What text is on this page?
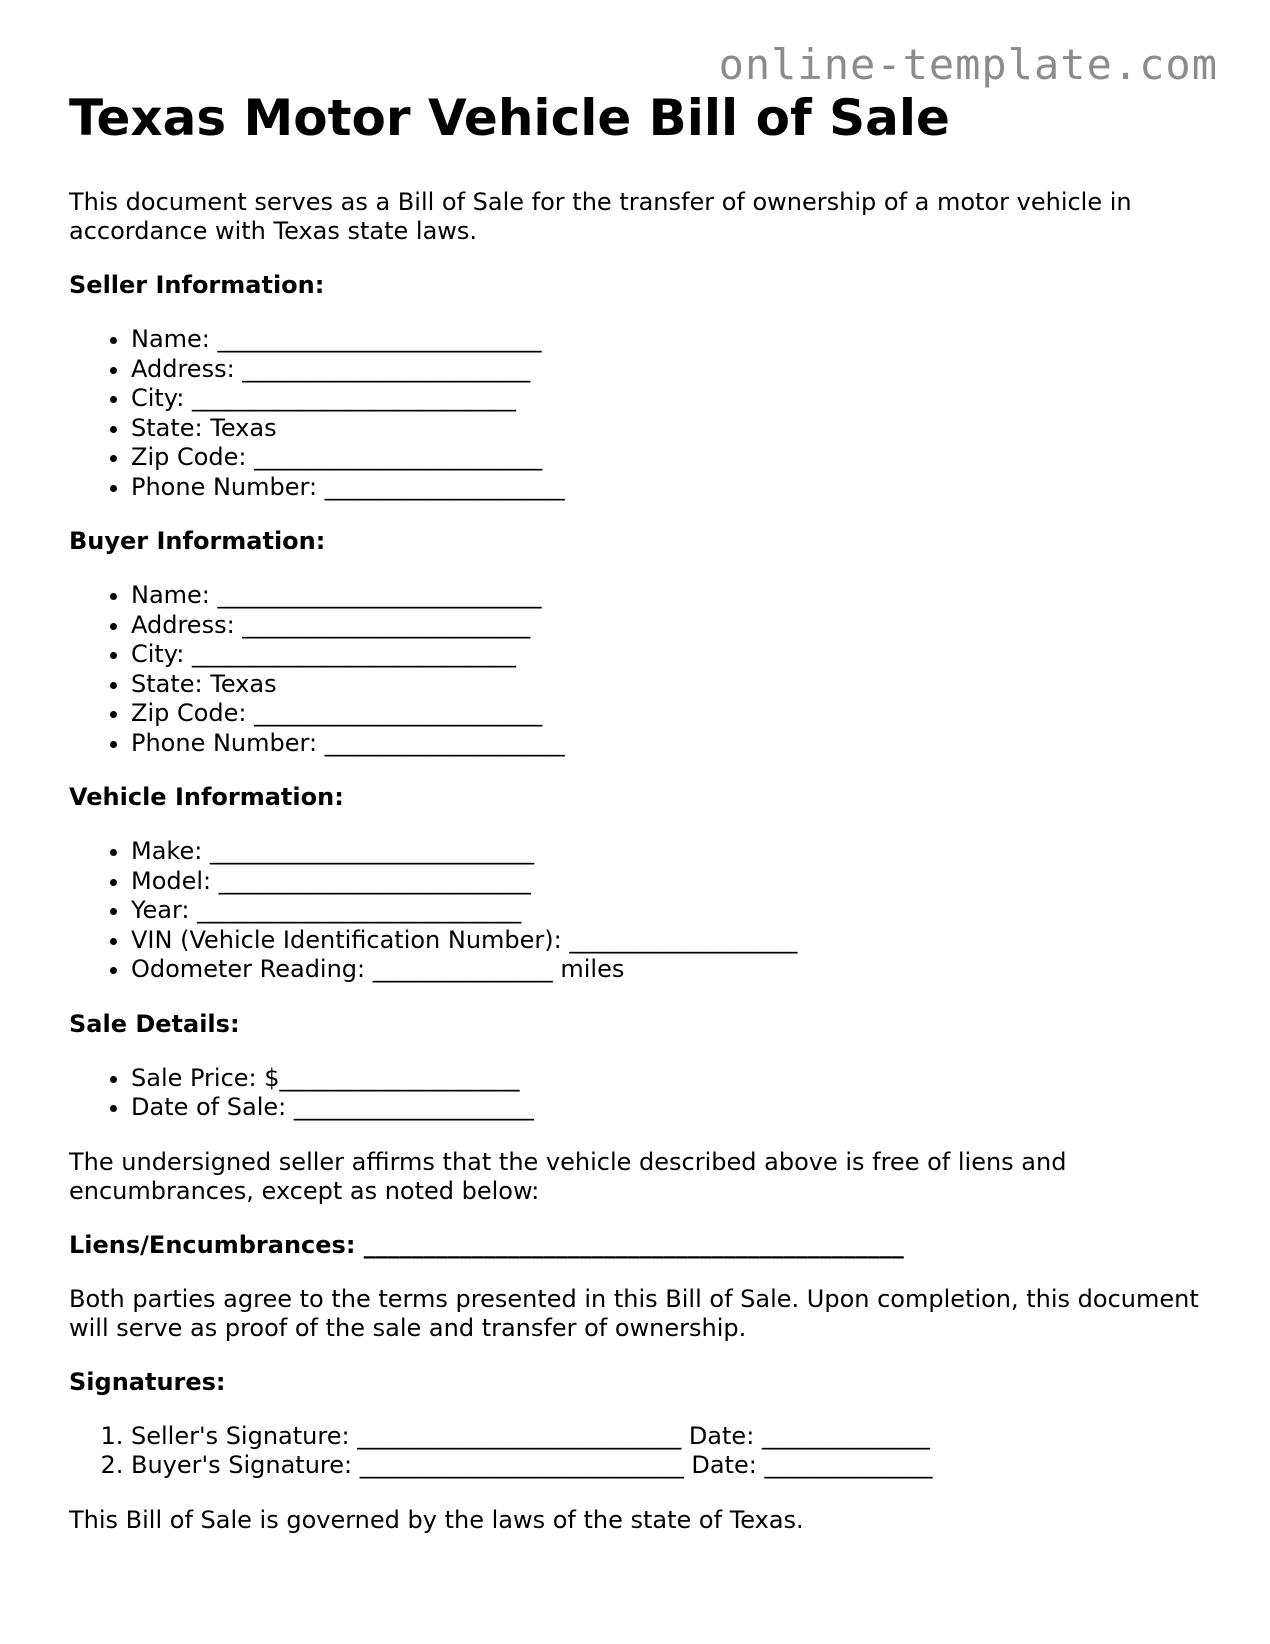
online-template.com
Texas Motor Vehicle Bill of Sale

This document serves as a Bill of Sale for the transfer of ownership of a motor vehicle in accordance with Texas state laws.

Seller Information:
• Name: ___________________________
• Address: ________________________
• City: ___________________________
• State: Texas
• Zip Code: ________________________
• Phone Number: ____________________
Buyer Information:
• Name: ___________________________
• Address: ________________________
• City: ___________________________
• State: Texas
• Zip Code: ________________________
• Phone Number: ____________________
Vehicle Information:
• Make: ___________________________
• Model: __________________________
• Year: ___________________________
• VIN (Vehicle Identification Number): ___________________
• Odometer Reading: _______________ miles
Sale Details:
• Sale Price: $____________________
• Date of Sale: ____________________

The undersigned seller affirms that the vehicle described above is free of liens and encumbrances, except as noted below:

Liens/Encumbrances: _____________________________________________

Both parties agree to the terms presented in this Bill of Sale. Upon completion, this document will serve as proof of the sale and transfer of ownership.

Signatures:
1. Seller's Signature: ___________________________ Date: ______________
2. Buyer's Signature: ___________________________ Date: ______________

This Bill of Sale is governed by the laws of the state of Texas.
